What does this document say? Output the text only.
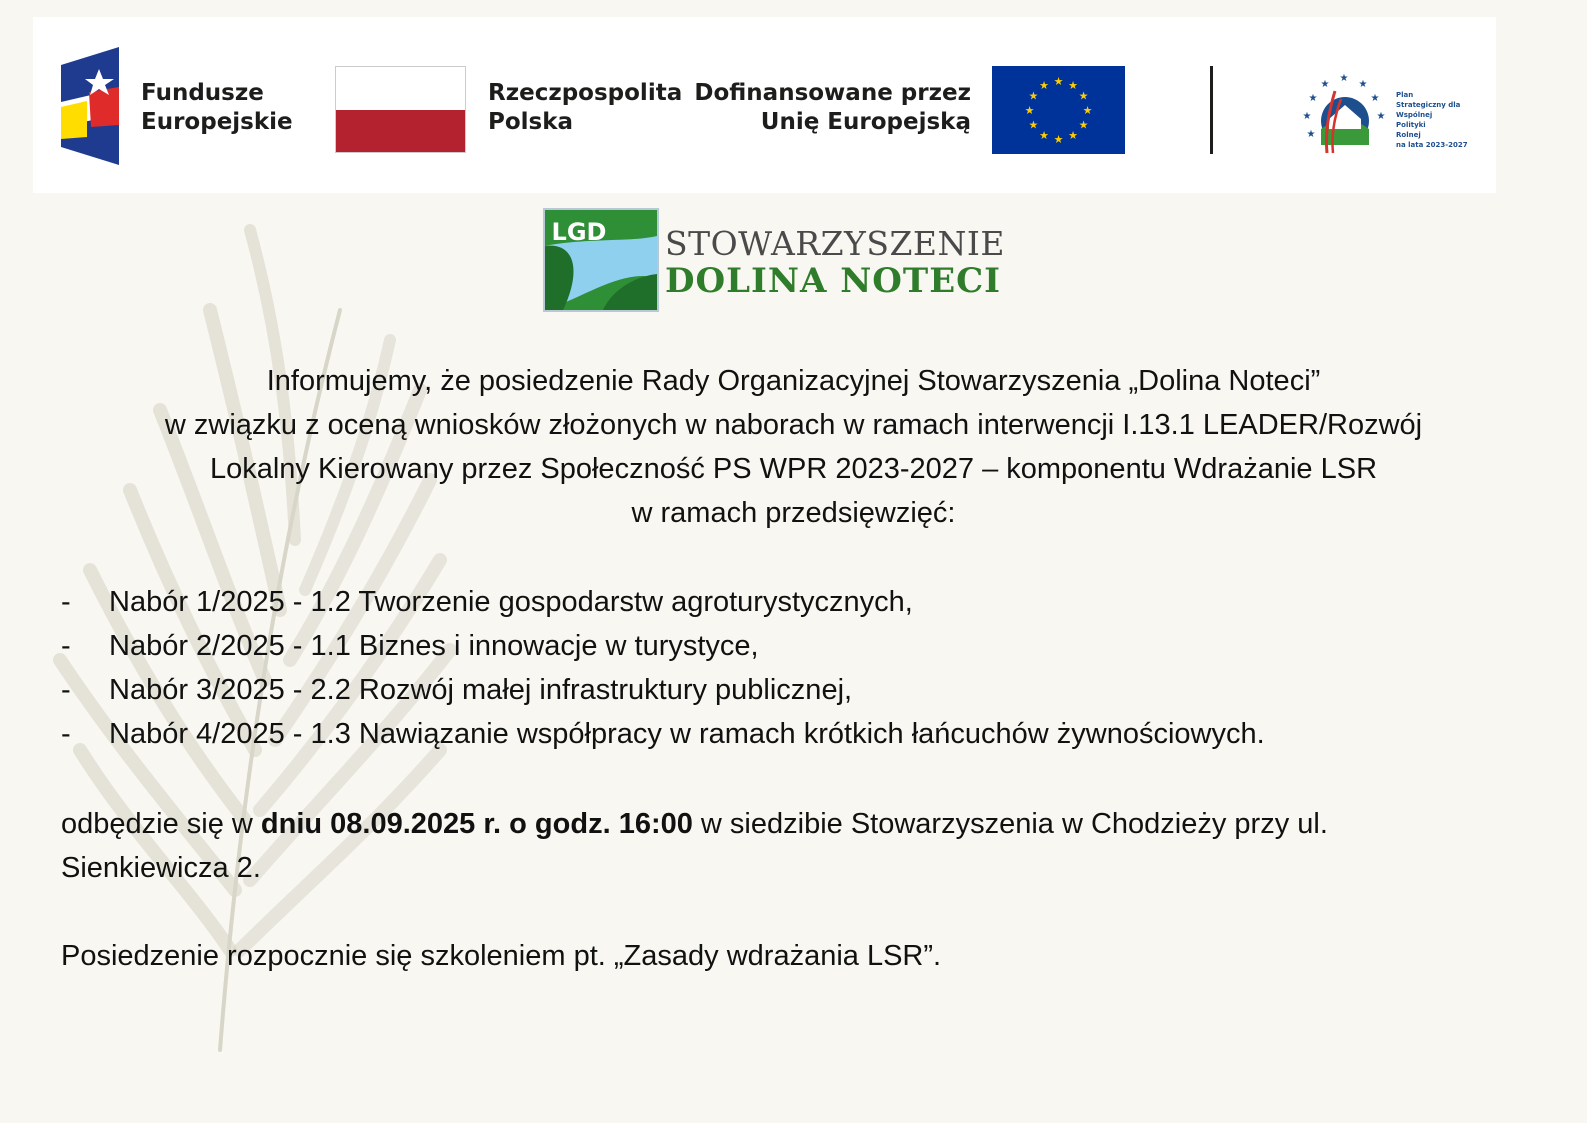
Fundusze
Europejskie
Rzeczpospolita
Polska
Dofinansowane przez
Unię Europejską	★
★
★
★
★
★
★
★
★ ★ ★
★	★
★
★
★
★
★	★
★
Plan
Strategiczny dla
Wspólnej
Polityki
Rolnej
na lata 2023-2027
LGD STOWARZYSZENIE
DOLINA NOTECI
Informujemy, że posiedzenie Rady Organizacyjnej Stowarzyszenia „Dolina Noteci”
w związku z oceną wniosków złożonych w naborach w ramach interwencji I.13.1 LEADER/Rozwój
Lokalny Kierowany przez Społeczność PS WPR 2023-2027 – komponentu Wdrażanie LSR
w ramach przedsięwzięć:
-	Nabór 1/2025 - 1.2 Tworzenie gospodarstw agroturystycznych,
-	Nabór 2/2025 - 1.1 Biznes i innowacje w turystyce,
-	Nabór 3/2025 - 2.2 Rozwój małej infrastruktury publicznej,
-	Nabór 4/2025 - 1.3 Nawiązanie współpracy w ramach krótkich łańcuchów żywnościowych.
odbędzie się w dniu 08.09.2025 r. o godz. 16:00 w siedzibie Stowarzyszenia w Chodzieży przy ul. Sienkiewicza 2.
Posiedzenie rozpocznie się szkoleniem pt. „Zasady wdrażania LSR”.
